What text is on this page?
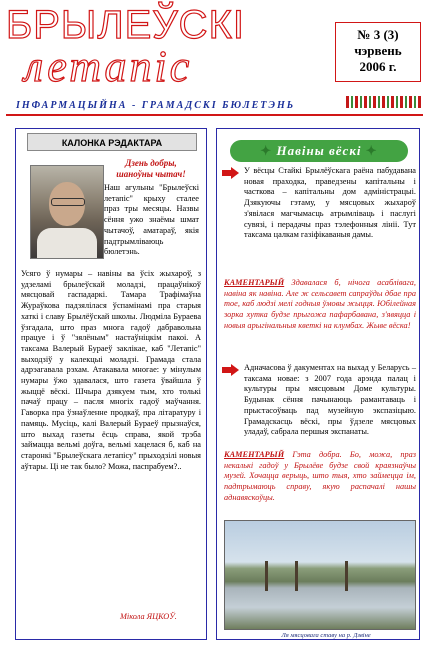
БРЫЛЕЎСКІ
летапіс
№ 3 (3)
чэрвень
2006 г.
ІНФАРМАЦЫЙНА - ГРАМАДСКІ БЮЛЕТЭНЬ
КАЛОНКА РЭДАКТАРА
Дзень добры,
шаноўны чытач!
Наш агульны "Брылеўскі летапіс" крыху сталее праз тры месяцы. Назвы сёння ужо знаёмы шмат чытачоў, аматараў, якія падтрымліваюць бюлетэнь.
Усяго ў нумары – навіны ва ўсіх жыхароў, з удзеламі брылеўскай моладзі, працаўнікоў мясцовай гаспадаркі. Тамара Трафімаўна Жураўкова падзялілася ўспамінамі пра старыя хаткі і славу Брылёўскай школы. Людміла Бураева ўзгадала, што праз многа гадоў дабравольна працуе і ў "зялёным" настаўніцкім пакоі. А таксама Валерый Бураеў заклікае, каб "Летапіс" выходзіў у калекцыі моладзі. Грамада стала адрэагавала рэхам. Атакавала многае: у мінулым нумары ўжо здавалася, што газета ўвайшла ў жыццё вёскі. Шчыра дзякуем тым, хто толькі пачаў працу – пасля многіх гадоў маўчання. Гаворка пра ўзнаўленне продкаў, пра літаратуру і памяць. Мусіць, калі Валерый Бураеў прызнаўся, што выхад газеты ёсць справа, якой трэба займацца вельмі доўга, вельмі хацелася б, каб на старонкі "Брылеўскага летапісу" прыходзілі новыя аўтары. Ці не так было? Можа, паспрабуем?..
Мікола ЯЦКОЎ.
✦ Навіны вёскі ✦
У вёсцы Стайкі Брылёўскага раёна пабудавана новая праходка, праведзены капітальны і часткова – капітальны дом адміністрацыі. Дзякуючы гэтаму, у мясцовых жыхароў з'явілася магчымасць атрымліваць і паслугі сувязі, і перадачы праз тэлефонныя лініі. Тут таксама цалкам газіфікаваныя дамы.
КАМЕНТАРЫЙ Здавалася б, нічога асаблівага, навіна як навіна. Але ж сельсавет сапраўды дбае пра тое, каб людзі мелі годныя ўмовы жыцця. Юбілейная зорка хутка будзе прыгожа пафарбавана, з'явяцца і новыя арыгінальныя кветкі на клумбах. Жыве вёска!
Адначасова ў дакументах на выхад у Беларусь – таксама новае: з 2007 года арэнда палац і культуры пры мясцовым Доме культуры. Будынак сёння пачынаюць рамантаваць і прыстасоўваць пад музейную экспазіцыю. Грамадскасць вёскі, пры ўдзеле мясцовых уладаў, сабрала першыя экспанаты.
КАМЕНТАРЫЙ Гэта добра. Бо, можа, праз некалькі гадоў у Брылёве будзе свой краязнаўчы музей. Хочацца верыць, што тыя, хто займецца ім, падтрымаюць справу, якую распачалі нашы аднавяскоўцы.
Ля мясцовага ставу на р. Дзвіне
